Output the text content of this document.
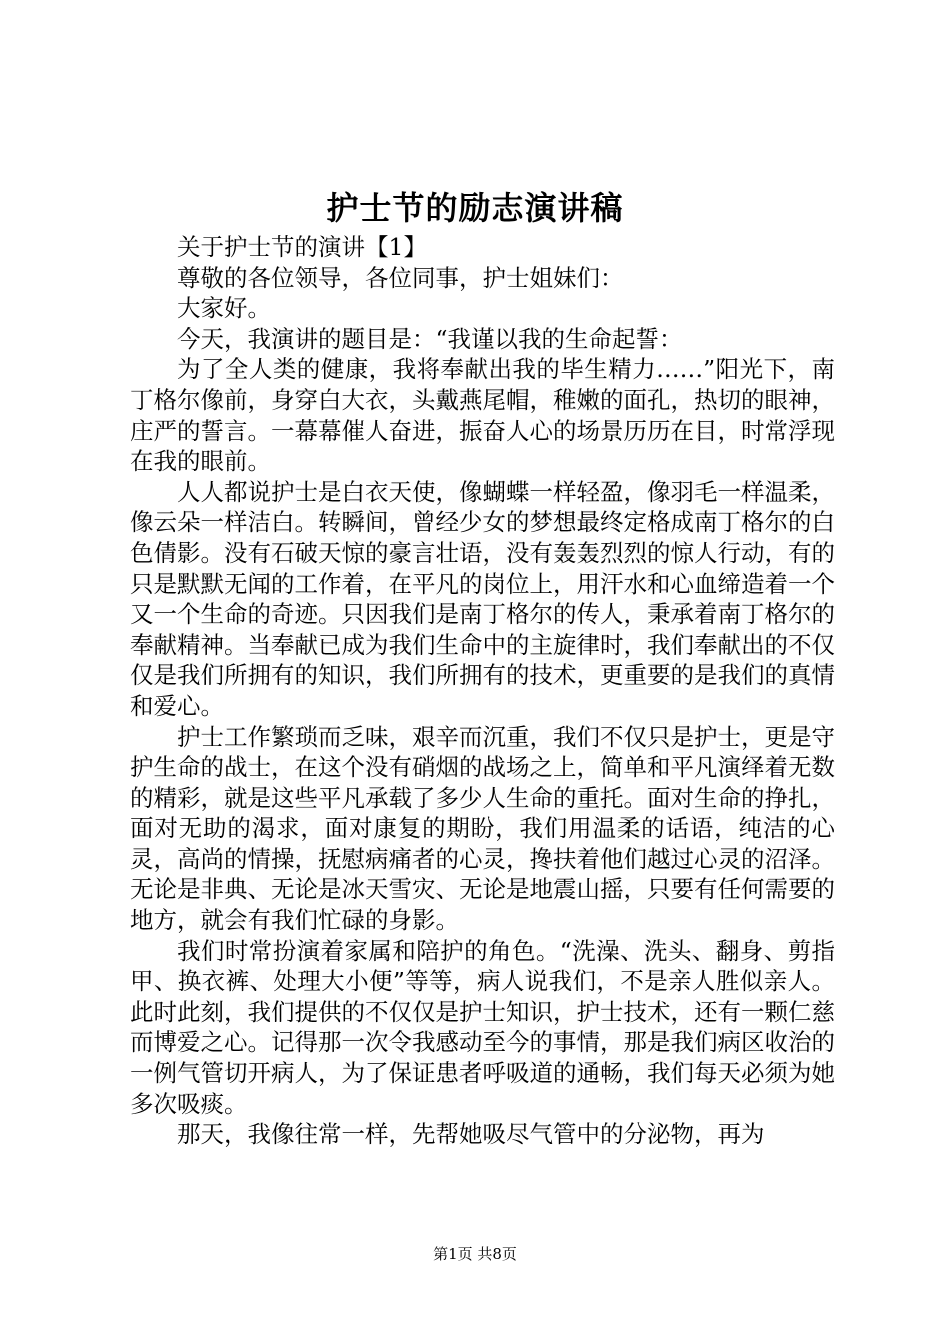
护士节的励志演讲稿

关于护士节的演讲【1】

尊敬的各位领导，各位同事，护士姐妹们：

大家好。

今天，我演讲的题目是：“我谨以我的生命起誓：

为了全人类的健康，我将奉献出我的毕生精力……”阳光下，南丁格尔像前，身穿白大衣，头戴燕尾帽，稚嫩的面孔，热切的眼神，庄严的誓言。一幕幕催人奋进，振奋人心的场景历历在目，时常浮现在我的眼前。

人人都说护士是白衣天使，像蝴蝶一样轻盈，像羽毛一样温柔，像云朵一样洁白。转瞬间，曾经少女的梦想最终定格成南丁格尔的白色倩影。没有石破天惊的豪言壮语，没有轰轰烈烈的惊人行动，有的只是默默无闻的工作着，在平凡的岗位上，用汗水和心血缔造着一个又一个生命的奇迹。只因我们是南丁格尔的传人，秉承着南丁格尔的奉献精神。当奉献已成为我们生命中的主旋律时，我们奉献出的不仅仅是我们所拥有的知识，我们所拥有的技术，更重要的是我们的真情和爱心。

护士工作繁琐而乏味，艰辛而沉重，我们不仅只是护士，更是守护生命的战士，在这个没有硝烟的战场之上，简单和平凡演绎着无数的精彩，就是这些平凡承载了多少人生命的重托。面对生命的挣扎，面对无助的渴求，面对康复的期盼，我们用温柔的话语，纯洁的心灵，高尚的情操，抚慰病痛者的心灵，搀扶着他们越过心灵的沼泽。无论是非典、无论是冰天雪灾、无论是地震山摇，只要有任何需要的地方，就会有我们忙碌的身影。

我们时常扮演着家属和陪护的角色。“洗澡、洗头、翻身、剪指甲、换衣裤、处理大小便”等等，病人说我们，不是亲人胜似亲人。此时此刻，我们提供的不仅仅是护士知识，护士技术，还有一颗仁慈而博爱之心。记得那一次令我感动至今的事情，那是我们病区收治的一例气管切开病人，为了保证患者呼吸道的通畅，我们每天必须为她多次吸痰。

那天，我像往常一样，先帮她吸尽气管中的分泌物，再为

第1页 共8页
